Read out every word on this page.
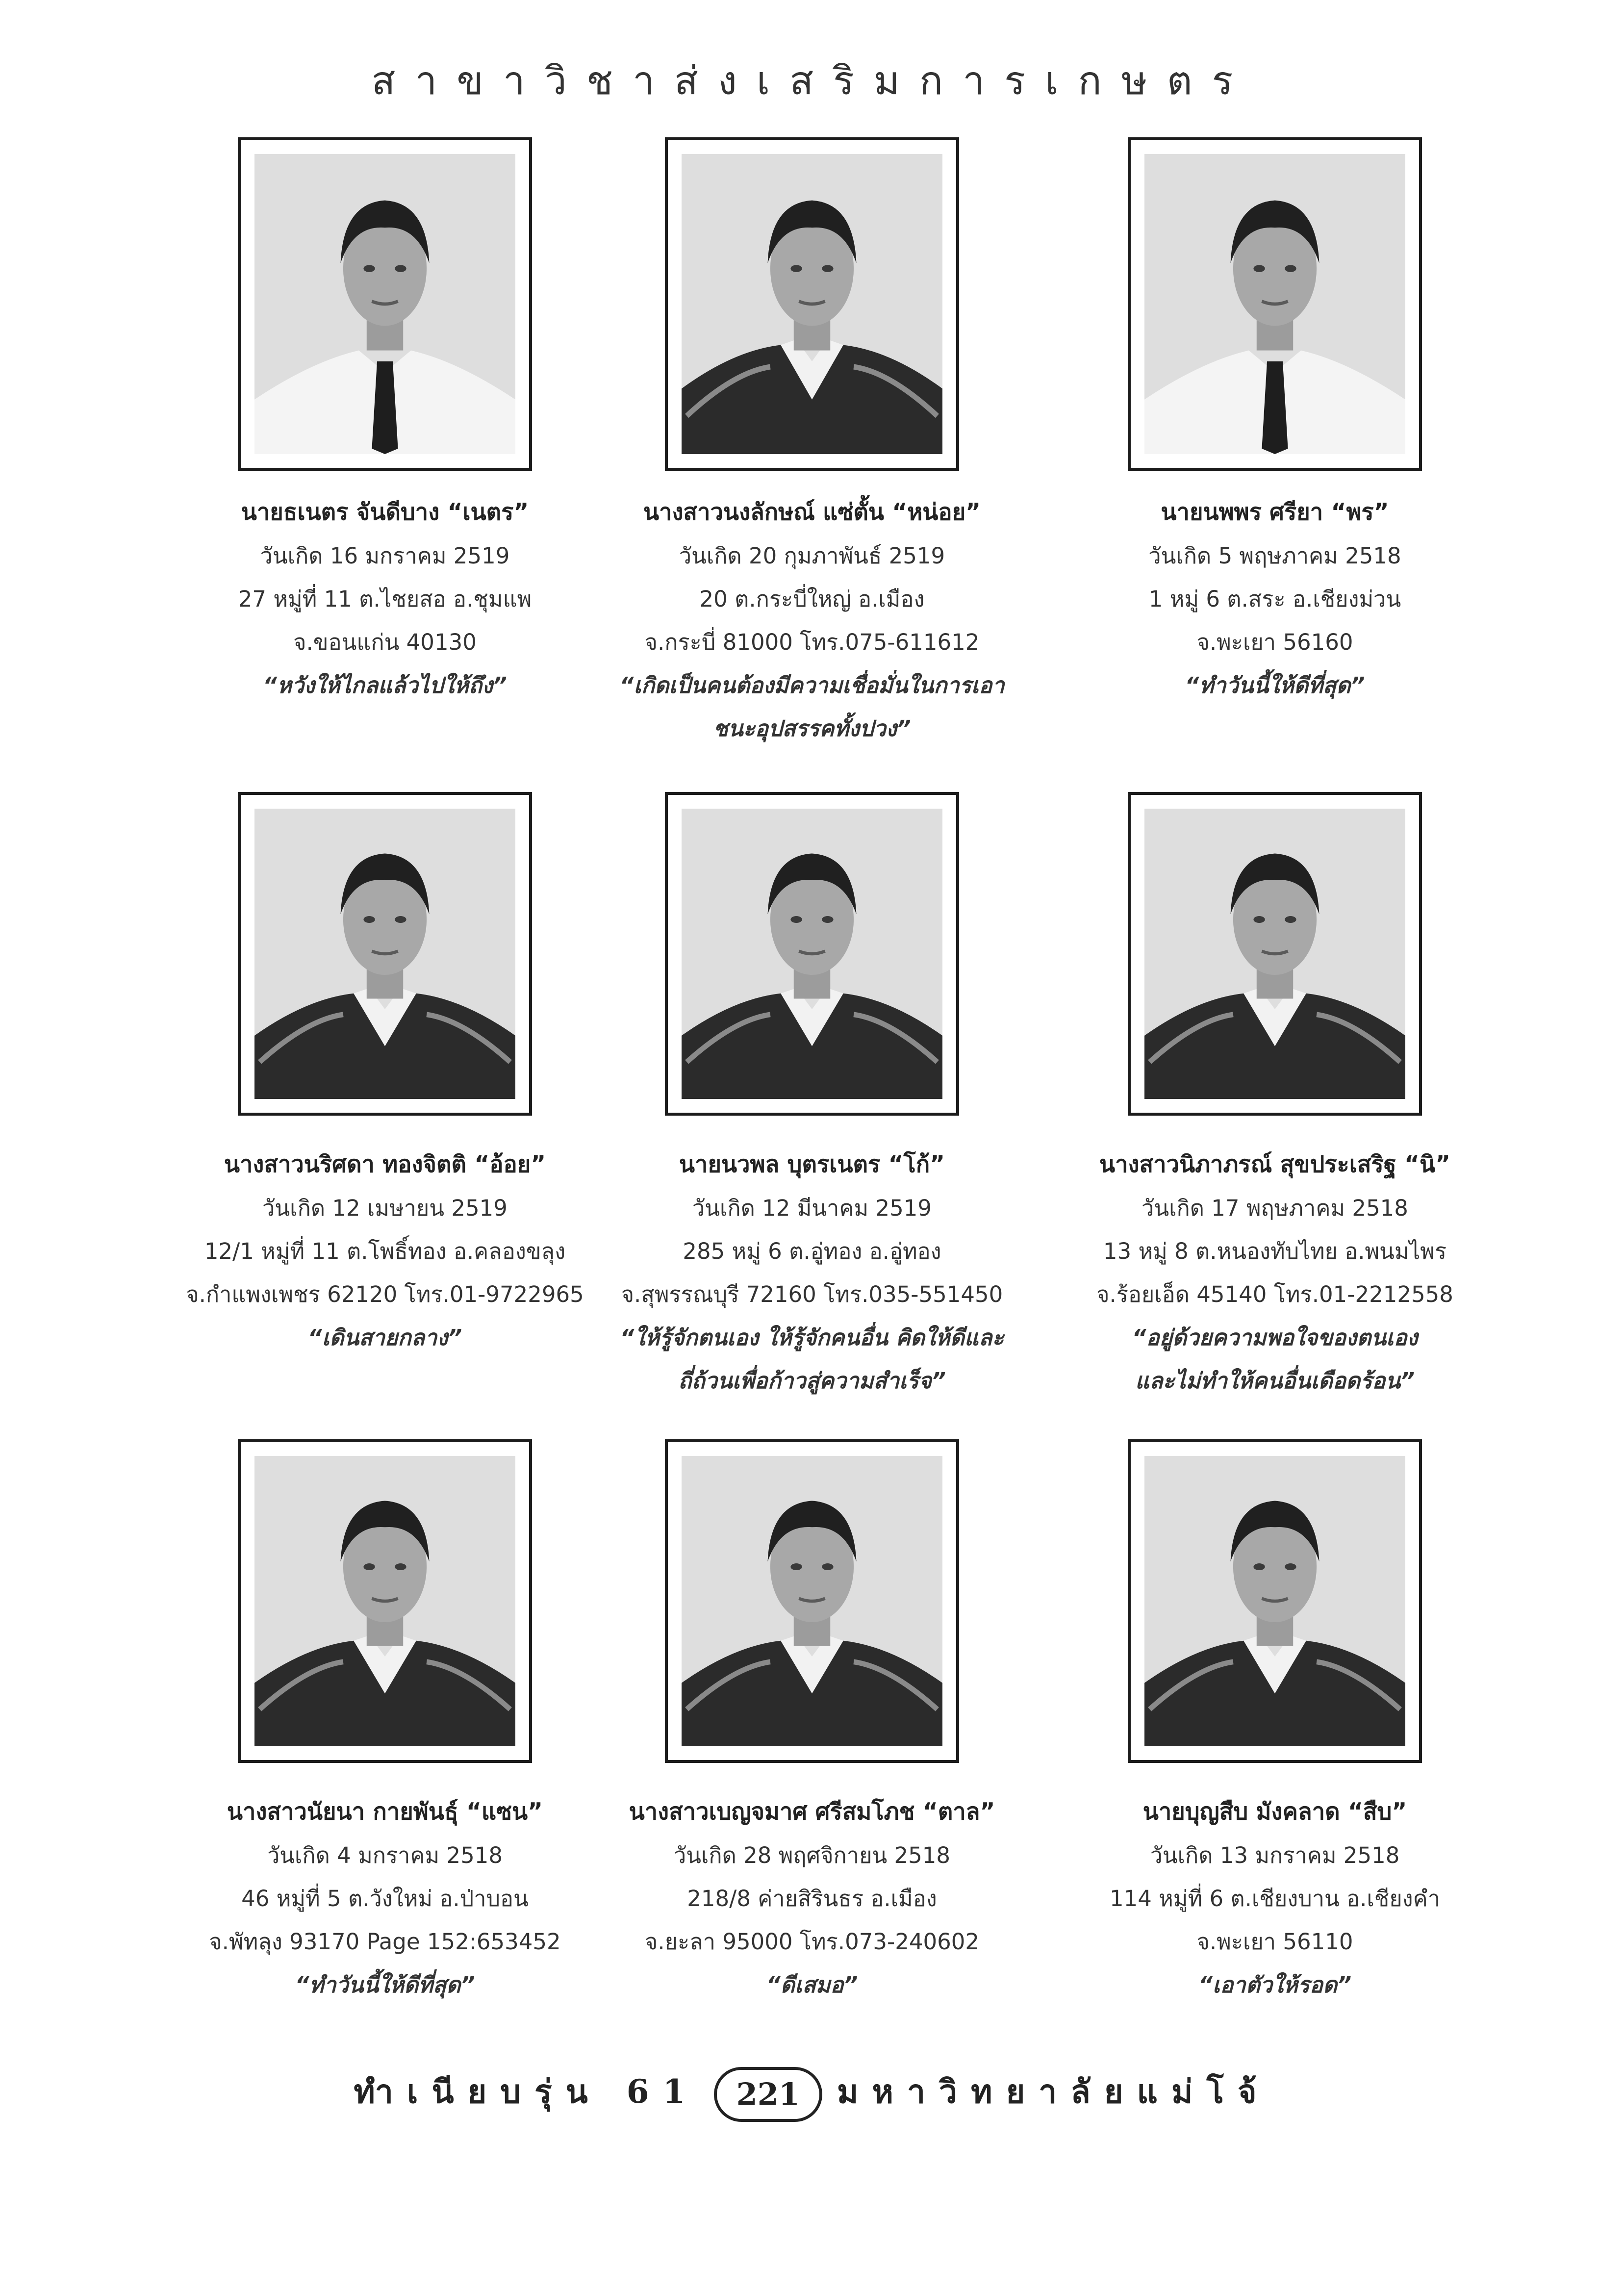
สาขาวิชาส่งเสริมการเกษตร
นายธเนตร จันดีบาง “เนตร”
วันเกิด 16 มกราคม 2519
27 หมู่ที่ 11 ต.ไชยสอ อ.ชุมแพ
จ.ขอนแก่น 40130
“หวังให้ไกลแล้วไปให้ถึง”
นางสาวนงลักษณ์ แซ่ตั้น “หน่อย”
วันเกิด 20 กุมภาพันธ์ 2519
20 ต.กระบี่ใหญ่ อ.เมือง
จ.กระบี่ 81000 โทร.075-611612
“เกิดเป็นคนต้องมีความเชื่อมั่นในการเอา
ชนะอุปสรรคทั้งปวง”
นายนพพร ศรียา “พร”
วันเกิด 5 พฤษภาคม 2518
1 หมู่ 6 ต.สระ อ.เชียงม่วน
จ.พะเยา 56160
“ทำวันนี้ให้ดีที่สุด”
นางสาวนริศดา ทองจิตติ “อ้อย”
วันเกิด 12 เมษายน 2519
12/1 หมู่ที่ 11 ต.โพธิ์ทอง อ.คลองขลุง
จ.กำแพงเพชร 62120 โทร.01-9722965
“เดินสายกลาง”
นายนวพล บุตรเนตร “โก้”
วันเกิด 12 มีนาคม 2519
285 หมู่ 6 ต.อู่ทอง อ.อู่ทอง
จ.สุพรรณบุรี 72160 โทร.035-551450
“ให้รู้จักตนเอง ให้รู้จักคนอื่น คิดให้ดีและ
ถี่ถ้วนเพื่อก้าวสู่ความสำเร็จ”
นางสาวนิภาภรณ์ สุขประเสริฐ “นิ”
วันเกิด 17 พฤษภาคม 2518
13 หมู่ 8 ต.หนองทับไทย อ.พนมไพร
จ.ร้อยเอ็ด 45140 โทร.01-2212558
“อยู่ด้วยความพอใจของตนเอง
และไม่ทำให้คนอื่นเดือดร้อน”
นางสาวนัยนา กายพันธุ์ “แซน”
วันเกิด 4 มกราคม 2518
46 หมู่ที่ 5 ต.วังใหม่ อ.ป่าบอน
จ.พัทลุง 93170 Page 152:653452
“ทำวันนี้ให้ดีที่สุด”
นางสาวเบญจมาศ ศรีสมโภช “ตาล”
วันเกิด 28 พฤศจิกายน 2518
218/8 ค่ายสิรินธร อ.เมือง
จ.ยะลา 95000 โทร.073-240602
“ดีเสมอ”
นายบุญสืบ มังคลาด “สืบ”
วันเกิด 13 มกราคม 2518
114 หมู่ที่ 6 ต.เชียงบาน อ.เชียงคำ
จ.พะเยา 56110
“เอาตัวให้รอด”
ทำเนียบรุ่น 61 221 มหาวิทยาลัยแม่โจ้
